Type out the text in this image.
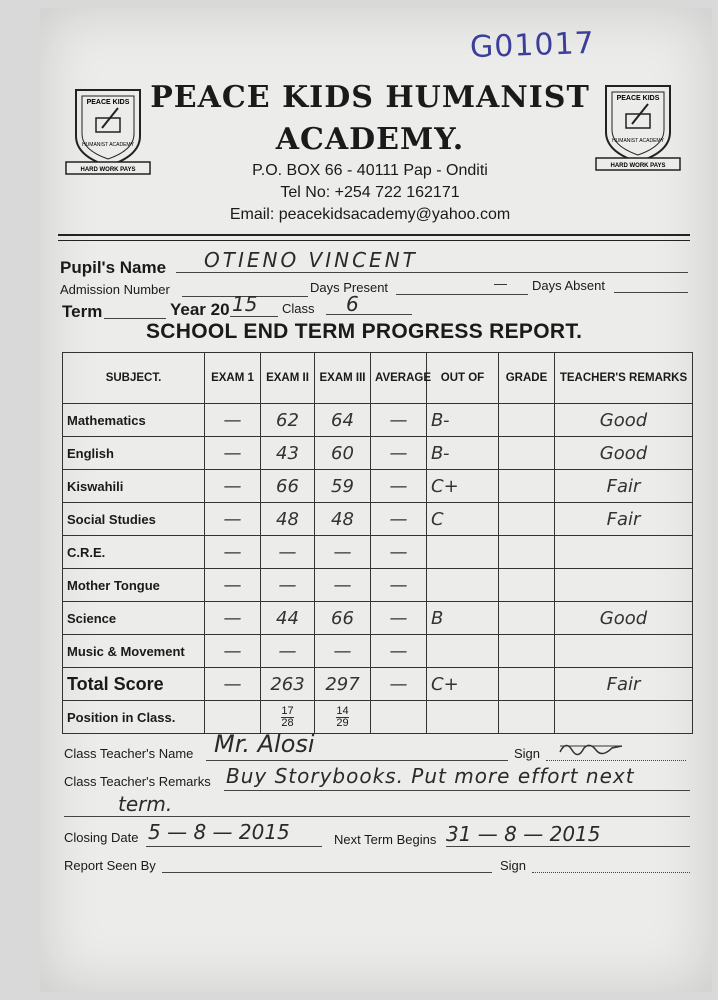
G01017
PEACE KIDS
HUMANIST ACADEMY
HARD WORK PAYS
PEACE KIDS
HUMANIST ACADEMY
HARD WORK PAYS
PEACE KIDS HUMANIST
ACADEMY.
P.O. BOX 66 - 40111 Pap - Onditi
Tel No: +254 722 162171
Email: peacekidsacademy@yahoo.com
Pupil's Name OTIENO VINCENT
Admission Number	Days Present	— Days Absent
Term	Year 20 15 Class 6
SCHOOL END TERM PROGRESS REPORT.
SUBJECT.	EXAM 1	EXAM II	EXAM III	AVERAGE	OUT OF	GRADE	TEACHER'S REMARKS
Mathematics	—	62	64	—	B-		Good
English	—	43	60	—	B-		Good
Kiswahili	—	66	59	—	C+		Fair
Social Studies	—	48	48	—	C		Fair
C.R.E.	—	—	—	—			
Mother Tongue	—	—	—	—			
Science	—	44	66	—	B		Good
Music & Movement	—	—	—	—			
Total Score	—	263	297	—	C+		Fair
Position in Class.		$\frac{17}{28}$	$\frac{14}{29}$				
Class Teacher's Name Mr. Alosi	Sign
Class Teacher's Remarks Buy Storybooks. Put more effort next
term.
Closing Date 5 — 8 — 2015	Next Term Begins 31 — 8 — 2015
Report Seen By	Sign
